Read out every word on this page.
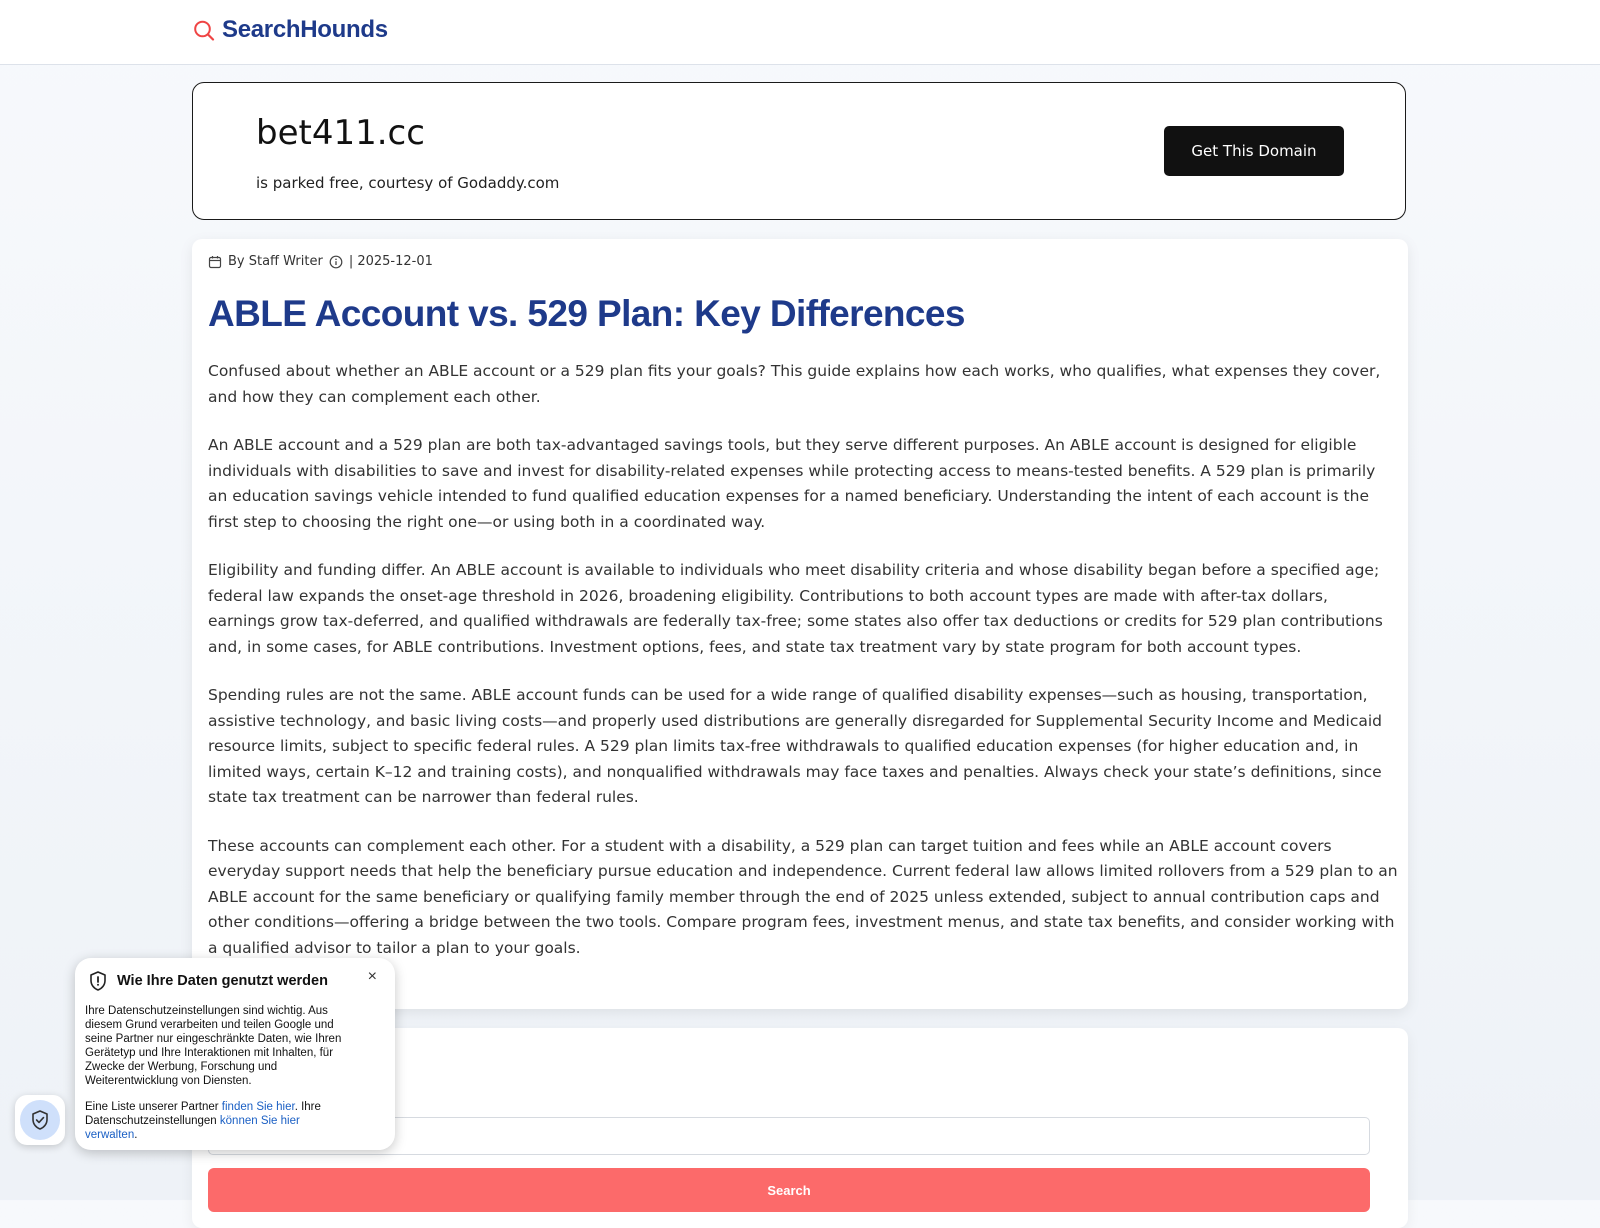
SearchHounds
bet411.cc
is parked free, courtesy of Godaddy.com
Get This Domain
By Staff Writer | 2025-12-01
ABLE Account vs. 529 Plan: Key Differences

Confused about whether an ABLE account or a 529 plan fits your goals? This guide explains how each works, who qualifies, what expenses they cover, and how they can complement each other.

An ABLE account and a 529 plan are both tax-advantaged savings tools, but they serve different purposes. An ABLE account is designed for eligible individuals with disabilities to save and invest for disability-related expenses while protecting access to means-tested benefits. A 529 plan is primarily an education savings vehicle intended to fund qualified education expenses for a named beneficiary. Understanding the intent of each account is the first step to choosing the right one—or using both in a coordinated way.

Eligibility and funding differ. An ABLE account is available to individuals who meet disability criteria and whose disability began before a specified age; federal law expands the onset-age threshold in 2026, broadening eligibility. Contributions to both account types are made with after-tax dollars, earnings grow tax-deferred, and qualified withdrawals are federally tax-free; some states also offer tax deductions or credits for 529 plan contributions and, in some cases, for ABLE contributions. Investment options, fees, and state tax treatment vary by state program for both account types.

Spending rules are not the same. ABLE account funds can be used for a wide range of qualified disability expenses—such as housing, transportation, assistive technology, and basic living costs—and properly used distributions are generally disregarded for Supplemental Security Income and Medicaid resource limits, subject to specific federal rules. A 529 plan limits tax-free withdrawals to qualified education expenses (for higher education and, in limited ways, certain K–12 and training costs), and nonqualified withdrawals may face taxes and penalties. Always check your state’s definitions, since state tax treatment can be narrower than federal rules.

These accounts can complement each other. For a student with a disability, a 529 plan can target tuition and fees while an ABLE account covers everyday support needs that help the beneficiary pursue education and independence. Current federal law allows limited rollovers from a 529 plan to an ABLE account for the same beneficiary or qualifying family member through the end of 2025 unless extended, subject to annual contribution caps and other conditions—offering a bridge between the two tools. Compare program fees, investment menus, and state tax benefits, and consider working with a qualified advisor to tailor a plan to your goals.

Search
Wie Ihre Daten genutzt werden ×

Ihre Datenschutzeinstellungen sind wichtig. Aus diesem Grund verarbeiten und teilen Google und seine Partner nur eingeschränkte Daten, wie Ihren Gerätetyp und Ihre Interaktionen mit Inhalten, für Zwecke der Werbung, Forschung und Weiterentwicklung von Diensten.

Eine Liste unserer Partner finden Sie hier. Ihre Datenschutzeinstellungen können Sie hier verwalten.
